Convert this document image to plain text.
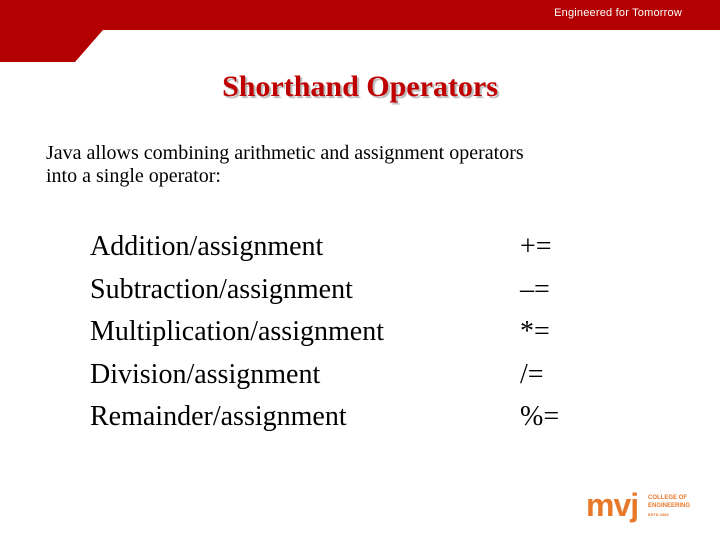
Engineered for Tomorrow
Shorthand Operators
Java allows combining arithmetic and assignment operators
into a single operator:
Addition/assignment	+=
Subtraction/assignment	–=
Multiplication/assignment	*=
Division/assignment	/=
Remainder/assignment	%=
mvj COLLEGE OF
ENGINEERING
ESTD 1982
